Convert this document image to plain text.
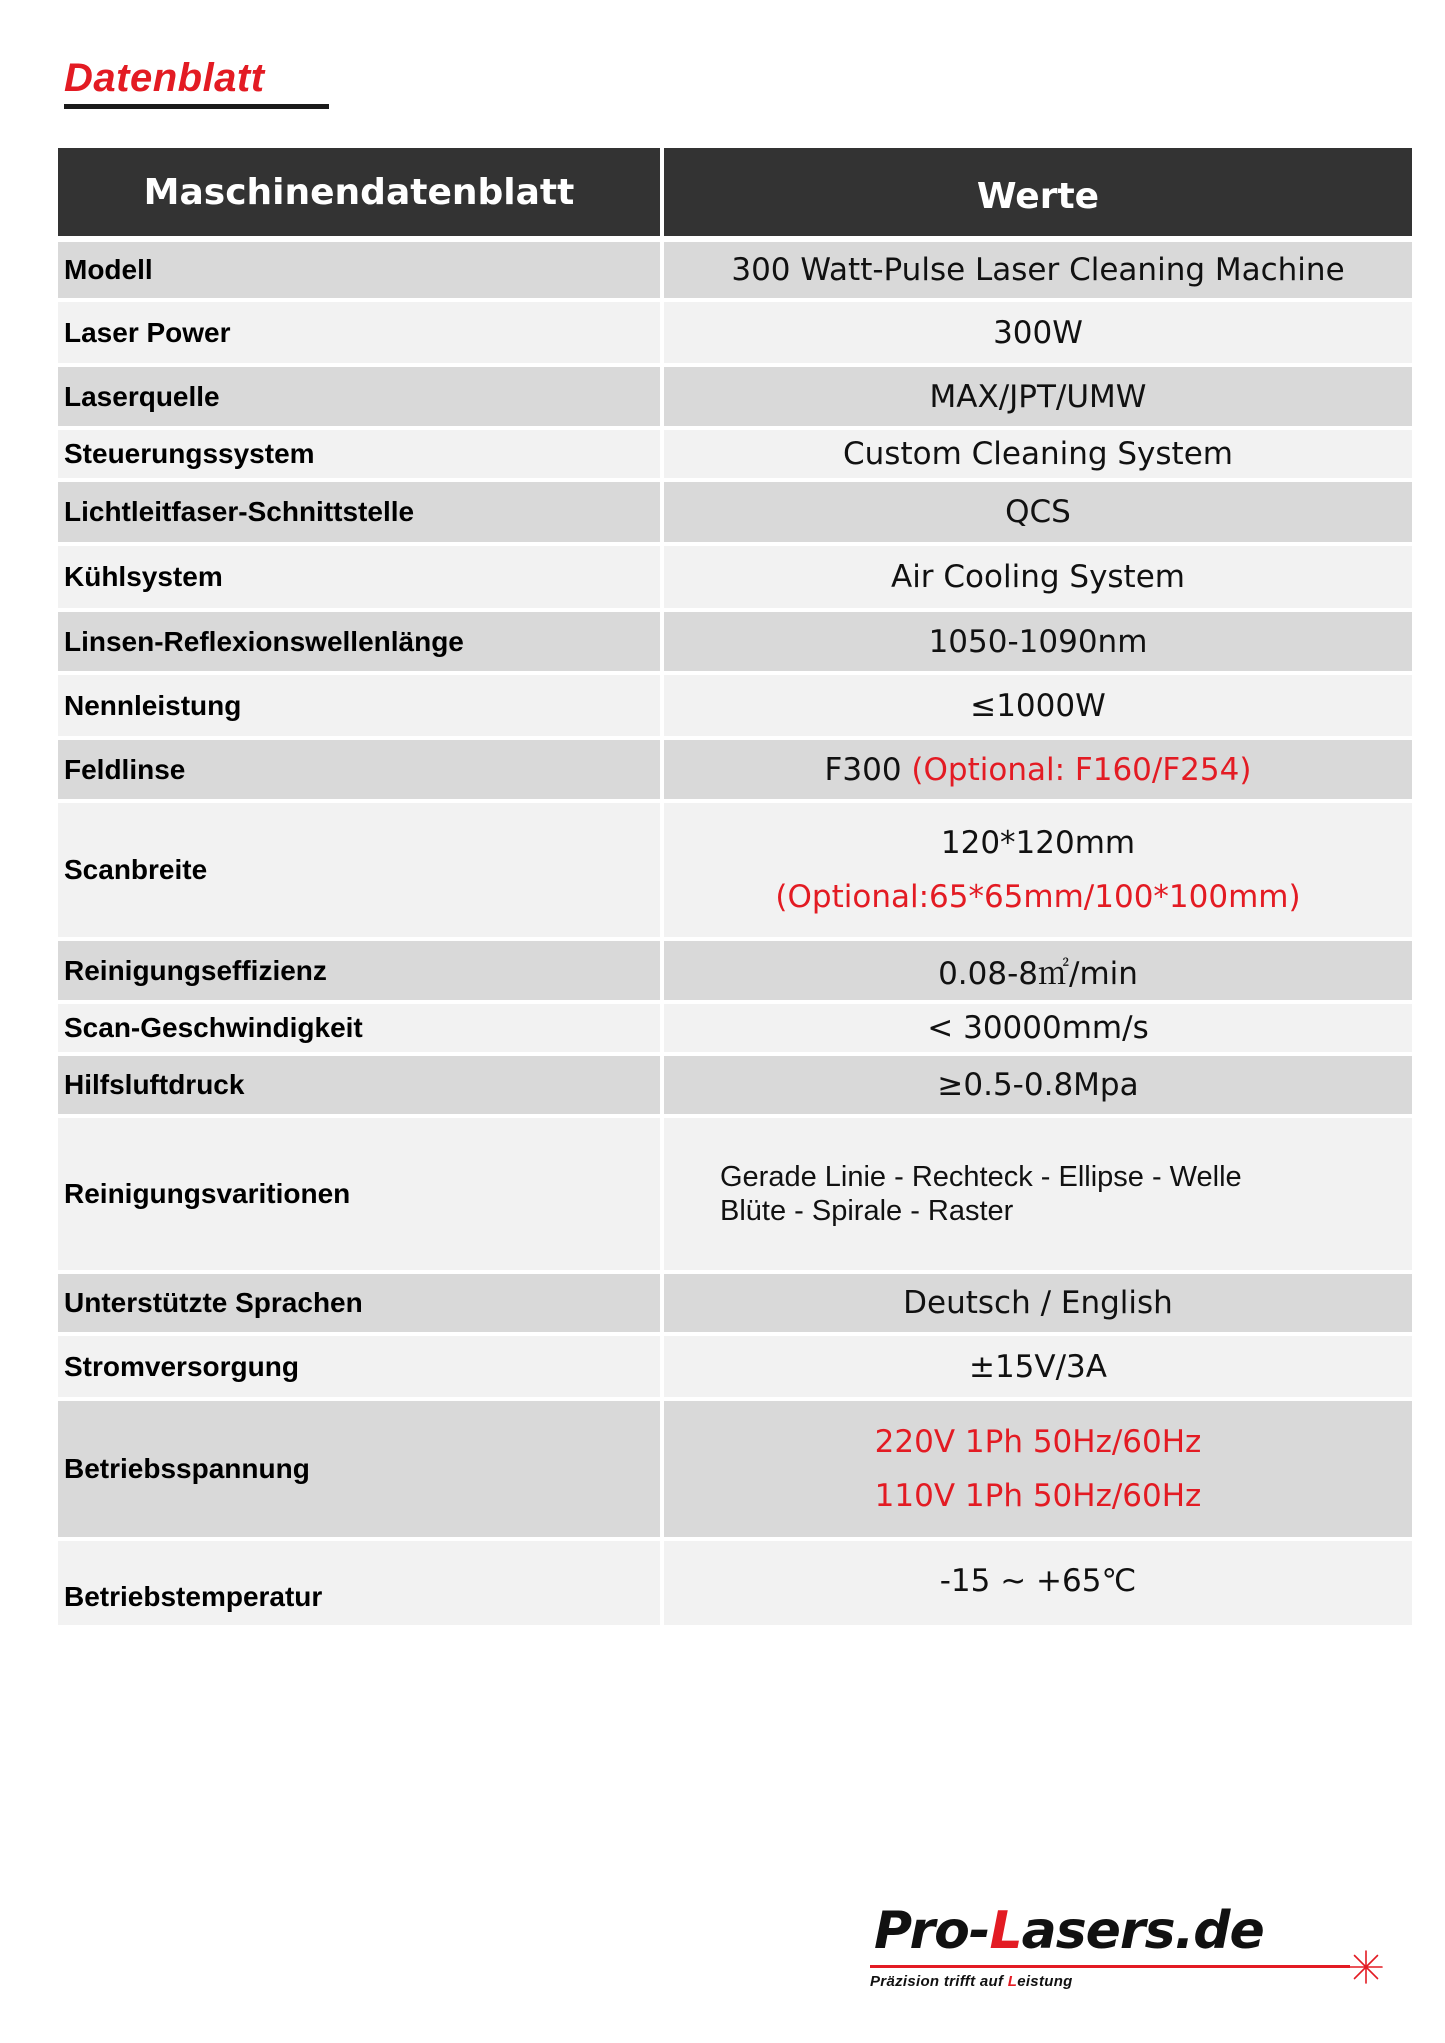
Datenblatt
Maschinendatenblatt	Werte
Modell	300 Watt-Pulse Laser Cleaning Machine
Laser Power	300W
Laserquelle	MAX/JPT/UMW
Steuerungssystem	Custom Cleaning System
Lichtleitfaser-Schnittstelle	QCS
Kühlsystem	Air Cooling System
Linsen-Reflexionswellenlänge	1050-1090nm
Nennleistung	≤1000W
Feldlinse	F300 (Optional: F160/F254)
Scanbreite	120*120mm
(Optional:65*65mm/100*100mm)

Reinigungseffizienz	0.08-8㎡/min
Scan-Geschwindigkeit	< 30000mm/s
Hilfsluftdruck	≥0.5-0.8Mpa
Reinigungsvaritionen	Gerade Linie - Rechteck - Ellipse - Welle
Blüte - Spirale - Raster

Unterstützte Sprachen	Deutsch / English
Stromversorgung	±15V/3A
Betriebsspannung	220V 1Ph 50Hz/60Hz
110V 1Ph 50Hz/60Hz

Betriebstemperatur	-15 ~ +65℃
Pro-Lasers.de
Präzision trifft auf Leistung
